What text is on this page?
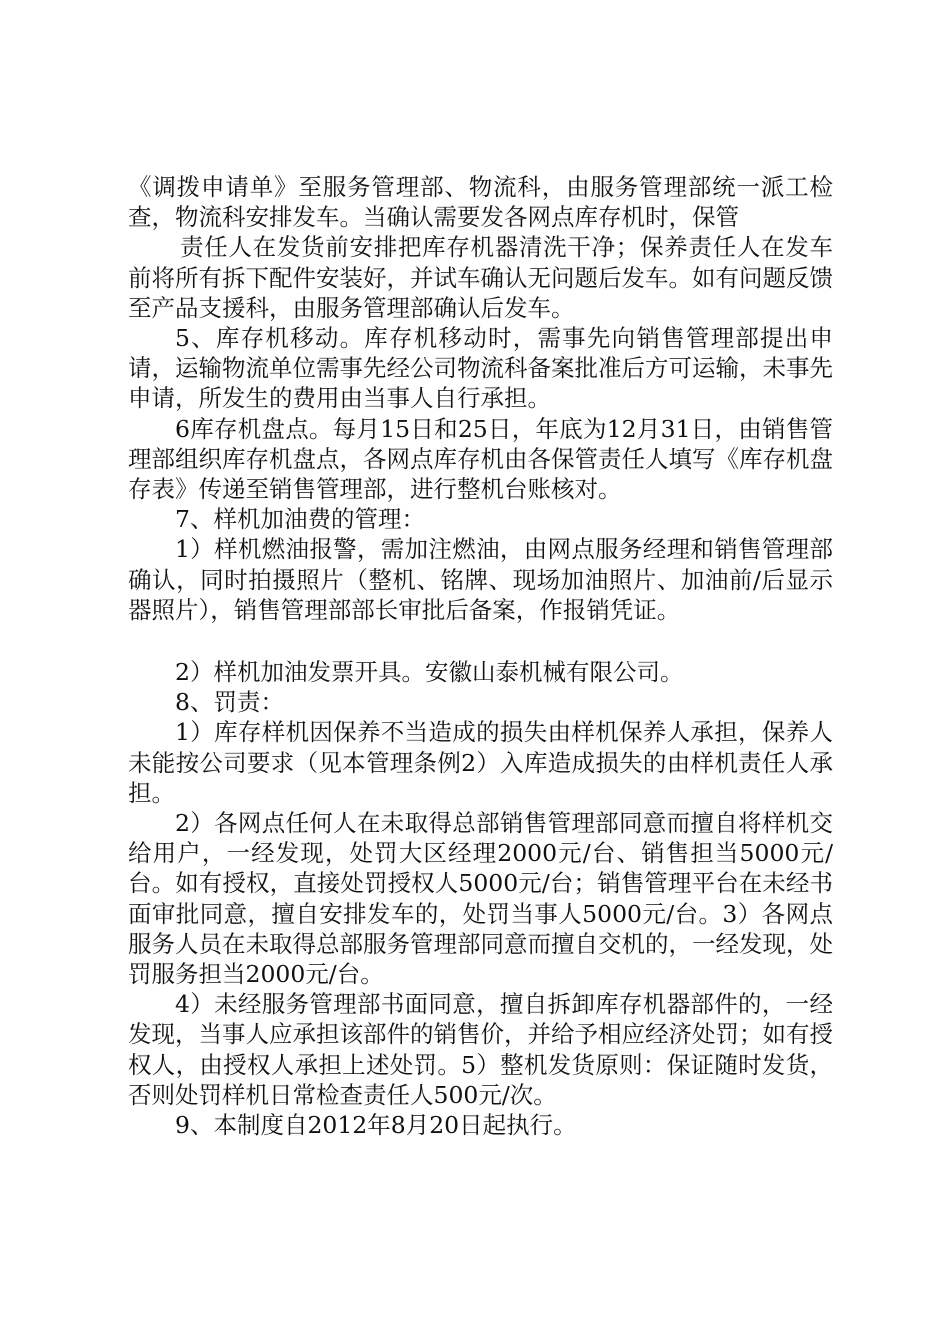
《调拨申请单》至服务管理部、物流科，由服务管理部统一派工检查，物流科安排发车。当确认需要发各网点库存机时，保管

责任人在发货前安排把库存机器清洗干净；保养责任人在发车前将所有拆下配件安装好，并试车确认无问题后发车。如有问题反馈至产品支援科，由服务管理部确认后发车。

5、库存机移动。库存机移动时，需事先向销售管理部提出申请，运输物流单位需事先经公司物流科备案批准后方可运输，未事先申请，所发生的费用由当事人自行承担。

6库存机盘点。每月15日和25日，年底为12月31日，由销售管理部组织库存机盘点，各网点库存机由各保管责任人填写《库存机盘存表》传递至销售管理部，进行整机台账核对。

7、样机加油费的管理：

1）样机燃油报警，需加注燃油，由网点服务经理和销售管理部确认，同时拍摄照片（整机、铭牌、现场加油照片、加油前/后显示器照片），销售管理部部长审批后备案，作报销凭证。

2）样机加油发票开具。安徽山泰机械有限公司。

8、罚责：

1）库存样机因保养不当造成的损失由样机保养人承担，保养人未能按公司要求（见本管理条例2）入库造成损失的由样机责任人承担。

2）各网点任何人在未取得总部销售管理部同意而擅自将样机交给用户，一经发现，处罚大区经理2000元/台、销售担当5000元/台。如有授权，直接处罚授权人5000元/台；销售管理平台在未经书面审批同意，擅自安排发车的，处罚当事人5000元/台。3）各网点服务人员在未取得总部服务管理部同意而擅自交机的，一经发现，处罚服务担当2000元/台。

4）未经服务管理部书面同意，擅自拆卸库存机器部件的，一经发现，当事人应承担该部件的销售价，并给予相应经济处罚；如有授权人，由授权人承担上述处罚。5）整机发货原则：保证随时发货，否则处罚样机日常检查责任人500元/次。

9、本制度自2012年8月20日起执行。
